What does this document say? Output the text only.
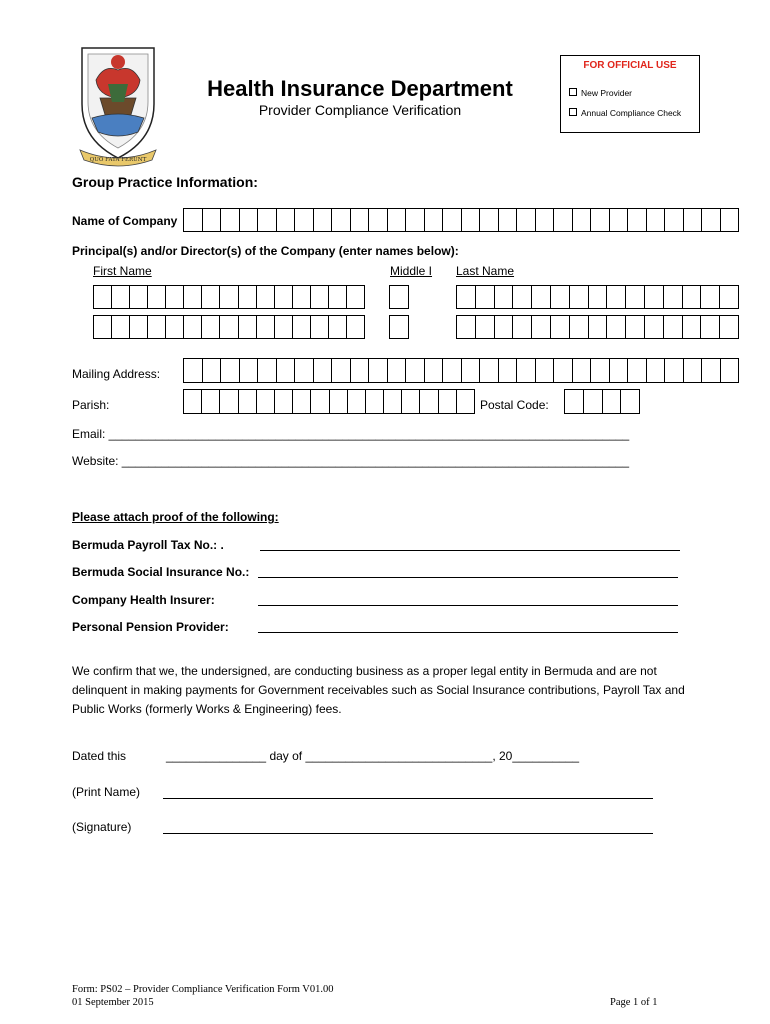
QUO FATA FERUNT
Health Insurance Department
Provider Compliance Verification
FOR OFFICIAL USE
New Provider
Annual Compliance Check
Group Practice Information:
Name of Company
Principal(s) and/or Director(s) of the Company (enter names below):
First Name	Middle I Last Name
Mailing Address:
Parish:	Postal Code:
Email: ______________________________________________________________________________
Website: ____________________________________________________________________________
Please attach proof of the following:
Bermuda Payroll Tax No.: .
Bermuda Social Insurance No.:
Company Health Insurer:
Personal Pension Provider:
We confirm that we, the undersigned, are conducting business as a proper legal entity in Bermuda and are not delinquent in making payments for Government receivables such as Social Insurance contributions, Payroll Tax and Public Works (formerly Works & Engineering) fees.
Dated this	_______________ day of ____________________________, 20__________
(Print Name)
(Signature)
Form: PS02 – Provider Compliance Verification Form V01.00
01 September 2015	Page 1 of 1
